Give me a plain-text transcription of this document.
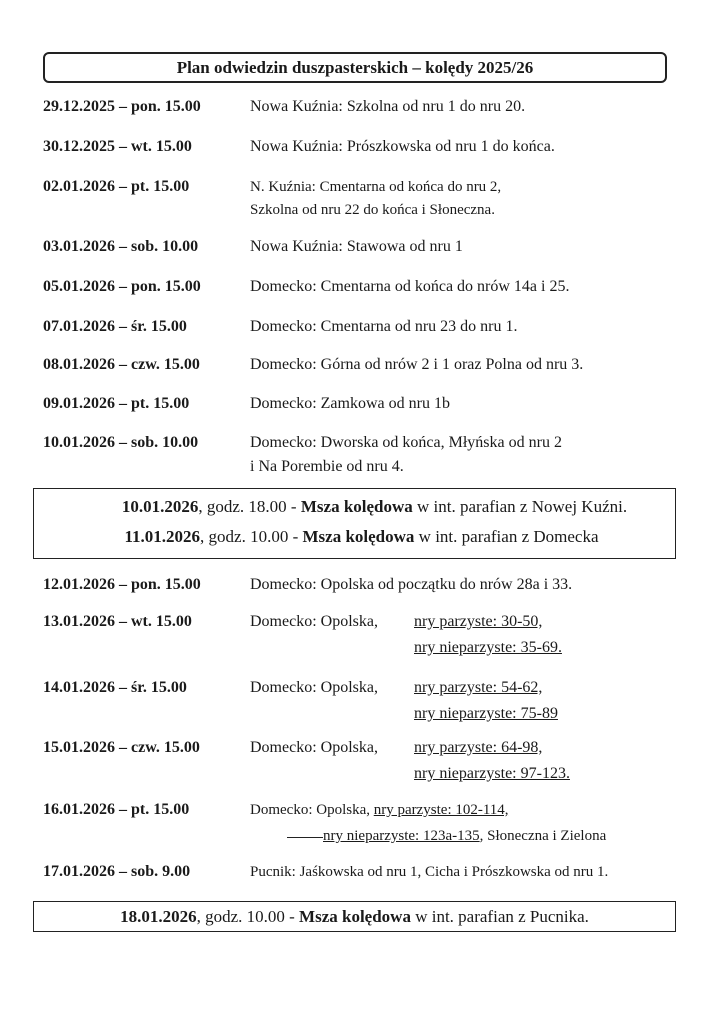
Plan odwiedzin duszpasterskich – kolędy 2025/26
29.12.2025 – pon. 15.00	Nowa Kuźnia: Szkolna od nru 1 do nru 20.
30.12.2025 – wt. 15.00	Nowa Kuźnia: Prószkowska od nru 1 do końca.
02.01.2026 – pt. 15.00	N. Kuźnia: Cmentarna od końca do nru 2,
Szkolna od nru 22 do końca i Słoneczna.
03.01.2026 – sob. 10.00	Nowa Kuźnia: Stawowa od nru 1
05.01.2026 – pon. 15.00	Domecko: Cmentarna od końca do nrów 14a i 25.
07.01.2026 – śr. 15.00	Domecko: Cmentarna od nru 23 do nru 1.
08.01.2026 – czw. 15.00	Domecko: Górna od nrów 2 i 1 oraz Polna od nru 3.
09.01.2026 – pt. 15.00	Domecko: Zamkowa od nru 1b
10.01.2026 – sob. 10.00	Domecko: Dworska od końca, Młyńska od nru 2
i Na Porembie od nru 4.
10.01.2026, godz. 18.00 - Msza kolędowa w int. parafian z Nowej Kuźni.
11.01.2026, godz. 10.00 - Msza kolędowa w int. parafian z Domecka
12.01.2026 – pon. 15.00	Domecko: Opolska od początku do nrów 28a i 33.
13.01.2026 – wt. 15.00	Domecko: Opolska, nry parzyste: 30-50,
nry nieparzyste: 35-69.
14.01.2026 – śr. 15.00	Domecko: Opolska, nry parzyste: 54-62,
nry nieparzyste: 75-89
15.01.2026 – czw. 15.00	Domecko: Opolska, nry parzyste: 64-98,
nry nieparzyste: 97-123.
16.01.2026 – pt. 15.00	Domecko: Opolska, nry parzyste: 102-114,
nry nieparzyste: 123a-135, Słoneczna i Zielona
17.01.2026 – sob. 9.00	Pucnik: Jaśkowska od nru 1, Cicha i Prószkowska od nru 1.
18.01.2026, godz. 10.00 - Msza kolędowa w int. parafian z Pucnika.
